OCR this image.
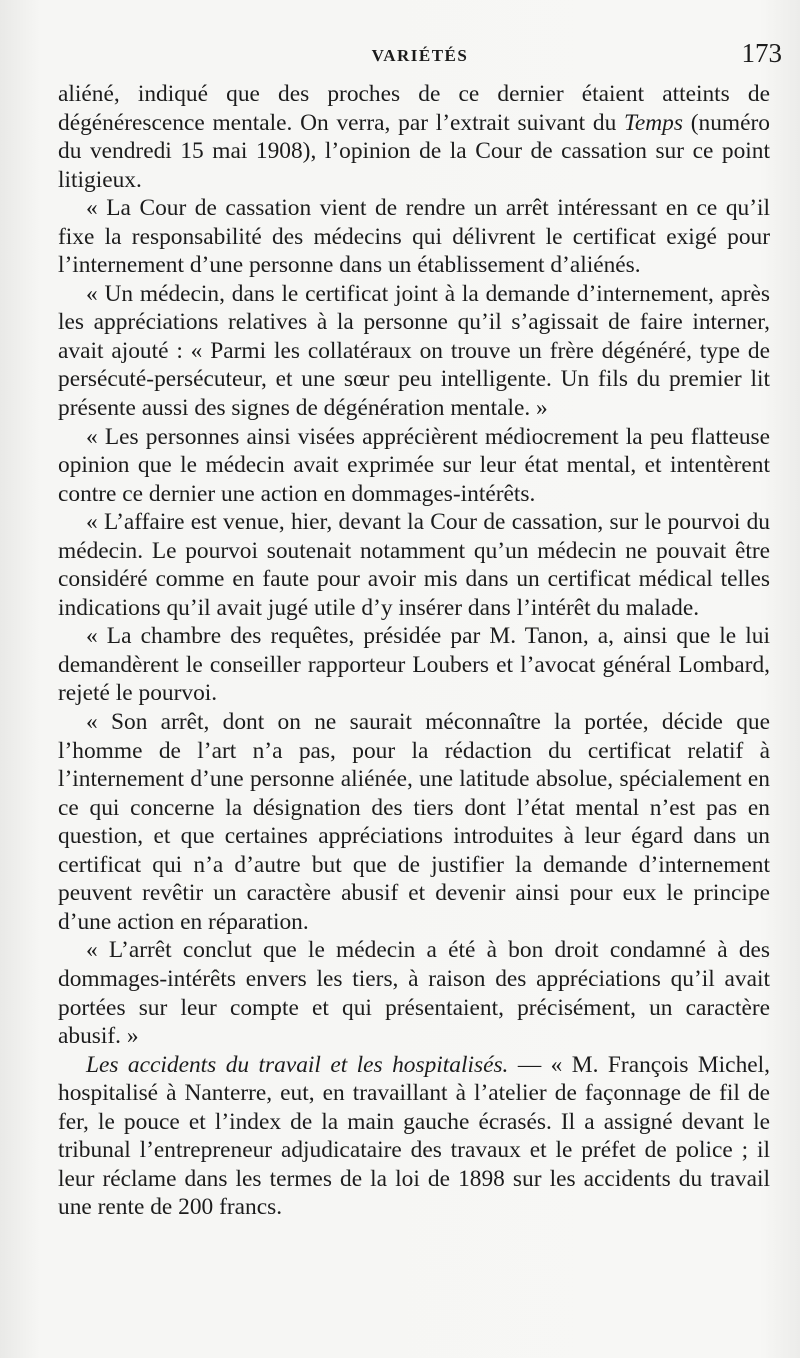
VARIÉTÉS	173

aliéné, indiqué que des proches de ce dernier étaient atteints de dégénérescence mentale. On verra, par l’extrait suivant du Temps (numéro du vendredi 15 mai 1908), l’opinion de la Cour de cassation sur ce point litigieux.

« La Cour de cassation vient de rendre un arrêt intéressant en ce qu’il fixe la responsabilité des médecins qui délivrent le certificat exigé pour l’internement d’une personne dans un établissement d’aliénés.

« Un médecin, dans le certificat joint à la demande d’internement, après les appréciations relatives à la personne qu’il s’agissait de faire interner, avait ajouté : « Parmi les collatéraux on trouve un frère dégénéré, type de persécuté-persécuteur, et une sœur peu intelligente. Un fils du premier lit présente aussi des signes de dégénération mentale. »

« Les personnes ainsi visées apprécièrent médiocrement la peu flatteuse opinion que le médecin avait exprimée sur leur état mental, et intentèrent contre ce dernier une action en dommages-intérêts.

« L’affaire est venue, hier, devant la Cour de cassation, sur le pourvoi du médecin. Le pourvoi soutenait notamment qu’un médecin ne pouvait être considéré comme en faute pour avoir mis dans un certificat médical telles indications qu’il avait jugé utile d’y insérer dans l’intérêt du malade.

« La chambre des requêtes, présidée par M. Tanon, a, ainsi que le lui demandèrent le conseiller rapporteur Loubers et l’avocat général Lombard, rejeté le pourvoi.

« Son arrêt, dont on ne saurait méconnaître la portée, décide que l’homme de l’art n’a pas, pour la rédaction du certificat relatif à l’internement d’une personne aliénée, une latitude absolue, spécialement en ce qui concerne la désignation des tiers dont l’état mental n’est pas en question, et que certaines appréciations introduites à leur égard dans un certificat qui n’a d’autre but que de justifier la demande d’internement peuvent revêtir un caractère abusif et devenir ainsi pour eux le principe d’une action en réparation.

« L’arrêt conclut que le médecin a été à bon droit condamné à des dommages-intérêts envers les tiers, à raison des appréciations qu’il avait portées sur leur compte et qui présentaient, précisément, un caractère abusif. »

Les accidents du travail et les hospitalisés. — « M. François Michel, hospitalisé à Nanterre, eut, en travaillant à l’atelier de façonnage de fil de fer, le pouce et l’index de la main gauche écrasés. Il a assigné devant le tribunal l’entrepreneur adjudicataire des travaux et le préfet de police ; il leur réclame dans les termes de la loi de 1898 sur les accidents du travail une rente de 200 francs.
